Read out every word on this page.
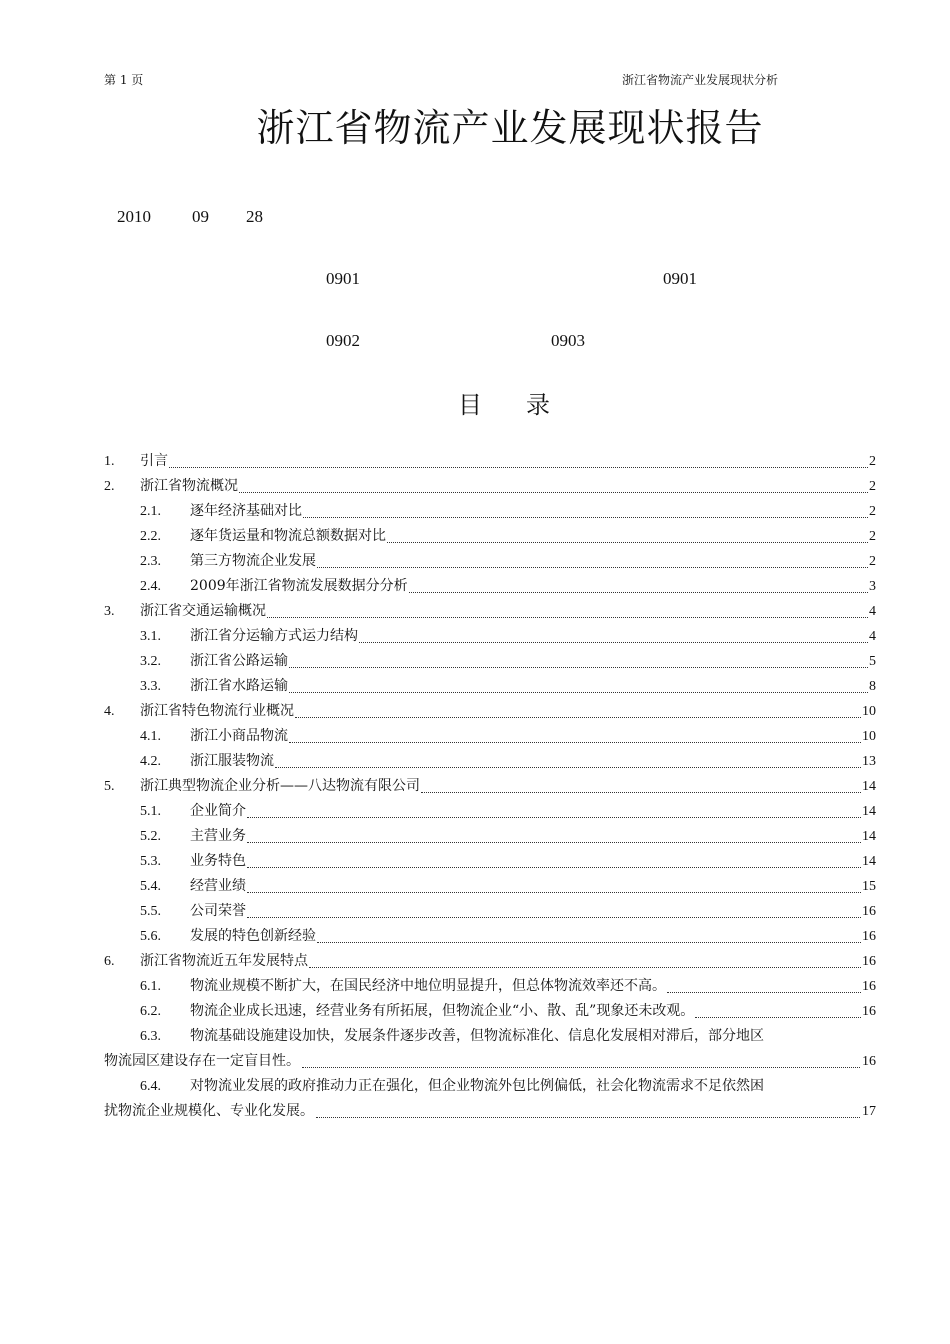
第 1 页	浙江省物流产业发展现状分析
浙江省物流产业发展现状报告
2010 09 28
0901	0901
0902	0903
目 录
1.	引言	2
2.	浙江省物流概况	2
2.1.	逐年经济基础对比	2
2.2.	逐年货运量和物流总额数据对比	2
2.3.	第三方物流企业发展	2
2.4.	2009年浙江省物流发展数据分分析	3
3.	浙江省交通运输概况	4
3.1.	浙江省分运输方式运力结构	4
3.2.	浙江省公路运输	5
3.3.	浙江省水路运输	8
4.	浙江省特色物流行业概况	10
4.1.	浙江小商品物流	10
4.2.	浙江服装物流	13
5.	浙江典型物流企业分析——八达物流有限公司	14
5.1.	企业简介	14
5.2.	主营业务	14
5.3.	业务特色	14
5.4.	经营业绩	15
5.5.	公司荣誉	16
5.6.	发展的特色创新经验	16
6.	浙江省物流近五年发展特点	16
6.1.	物流业规模不断扩大，在国民经济中地位明显提升，但总体物流效率还不高。	16
6.2.	物流企业成长迅速，经营业务有所拓展，但物流企业“小、散、乱”现象还未改观。	16
6.3.	物流基础设施建设加快，发展条件逐步改善，但物流标准化、信息化发展相对滞后，部分地区
物流园区建设存在一定盲目性。	16
6.4.	对物流业发展的政府推动力正在强化，但企业物流外包比例偏低，社会化物流需求不足依然困
扰物流企业规模化、专业化发展。	17
